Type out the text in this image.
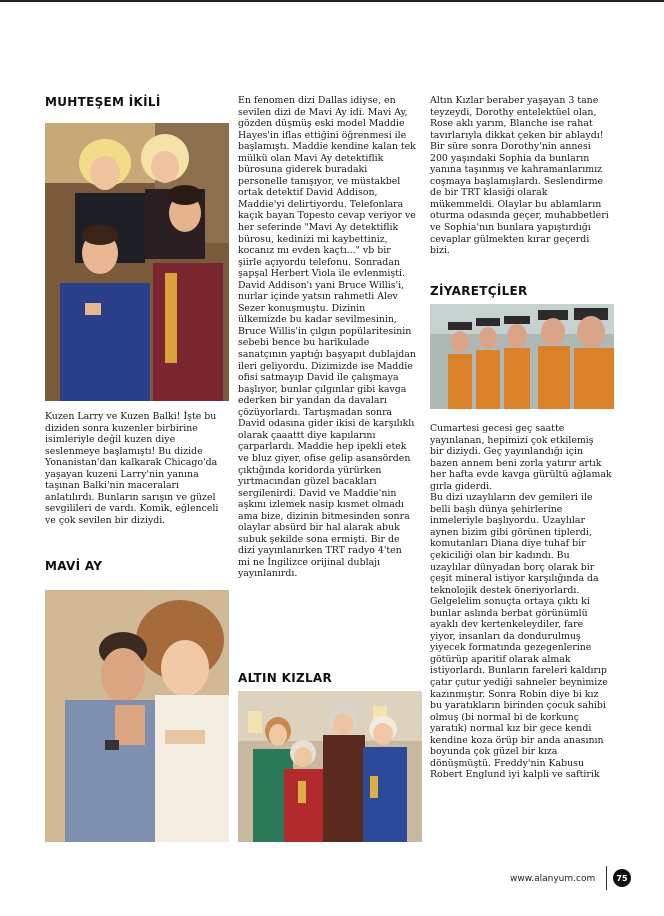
MUHTEŞEM İKİLİ

Kuzen Larry ve Kuzen Balki! İşte bu
diziden sonra kuzenler birbirine
isimleriyle değil kuzen diye
seslenmeye başlamıştı! Bu dizide
Yonanistan'dan kalkarak Chicago'da
yaşayan kuzeni Larry'nin yanına
taşınan Balki'nin maceraları
anlatılırdı. Bunların sarışın ve güzel
sevgilileri de vardı. Komik, eğlenceli
ve çok sevilen bir diziydi.

MAVİ AY

En fenomen dizi Dallas idiyse, en
sevilen dizi de Mavi Ay idi. Mavi Ay,
gözden düşmüş eski model Maddie
Hayes'in iflas ettiğini öğrenmesi ile
başlamıştı. Maddie kendine kalan tek
mülkü olan Mavi Ay detektiflik
bürosuna giderek buradaki
personelle tanışıyor, ve müstakbel
ortak detektif David Addison,
Maddie'yi delirtiyordu. Telefonlara
kaçık bayan Topesto cevap veriyor ve
her seferinde "Mavi Ay detektiflik
bürosu, kedinizi mi kaybettiniz,
kocanız mı evden kaçtı..." vb bir
şiirle açıyordu telefonu. Sonradan
şapşal Herbert Viola ile evlenmişti.
David Addison'ı yani Bruce Willis'i,
nurlar içinde yatsın rahmetli Alev
Sezer konuşmuştu. Dizinin
ülkemizde bu kadar sevilmesinin,
Bruce Willis'in çılgın popülaritesinin
sebebi bence bu harikulade
sanatçının yaptığı başyapıt dublajdan
ileri geliyordu. Dizimizde ise Maddie
ofisi satmayıp David ile çalışmaya
başlıyor, bunlar çılgınlar gibi kavga
ederken bir yandan da davaları
çözüyorlardı. Tartışmadan sonra
David odasına gider ikisi de karşılıklı
olarak çaaattt diye kapılarını
çarparlardı. Maddie hep ipekli etek
ve bluz giyer, ofise gelip asansörden
çıktığında koridorda yürürken
yırtmacından güzel bacakları
sergilenirdi. David ve Maddie'nin
aşkını izlemek nasip kısmet olmadı
ama bize, dizinin bitmesinden sonra
olaylar absürd bir hal alarak abuk
subuk şekilde sona ermişti. Bir de
dizi yayınlanırken TRT radyo 4'ten
mi ne İngilizce orijinal dublajı
yayınlanırdı.

ALTIN KIZLAR

Altın Kızlar beraber yaşayan 3 tane
teyzeydi, Dorothy entelektüel olan,
Rose aklı yarım, Blanche ise rahat
tavırlarıyla dikkat çeken bir ablaydı!
Bir süre sonra Dorothy'nin annesi
200 yaşındaki Sophia da bunların
yanına taşınmış ve kahramanlarımız
coşmaya başlamışlardı. Seslendirme
de bir TRT klasiği olarak
mükemmeldi. Olaylar bu ablamların
oturma odasında geçer, muhabbetleri
ve Sophia'nın bunlara yapıştırdığı
cevaplar gülmekten kırar geçerdi
bizi.

ZİYARETÇİLER

Cumartesi gecesi geç saatte
yayınlanan, hepimizi çok etkilemiş
bir diziydi. Geç yayınlandığı için
bazen annem beni zorla yatırır artık
her hafta evde kavga gürültü ağlamak
gırla giderdi.
Bu dizi uzaylıların dev gemileri ile
belli başlı dünya şehirlerine
inmeleriyle başlıyordu. Uzaylılar
aynen bizim gibi görünen tiplerdi,
komutanları Diana diye tuhaf bir
çekiciliği olan bir kadındı. Bu
uzaylılar dünyadan borç olarak bir
çeşit mineral istiyor karşılığında da
teknolojik destek öneriyorlardı.
Gelgelelim sonuçta ortaya çıktı ki
bunlar aslında berbat görünümlü
ayaklı dev kertenkeleydiler, fare
yiyor, insanları da dondurulmuş
yiyecek formatında gezegenlerine
götürüp aparitif olarak almak
istiyorlardı. Bunların fareleri kaldırıp
çatır çutur yediği sahneler beynimize
kazınmıştır. Sonra Robin diye bi kız
bu yaratıkların birinden çocuk sahibi
olmuş (bi normal bi de korkunç
yaratık) normal kız bir gece kendi
kendine koza örüp bir anda anasının
boyunda çok güzel bir kıza
dönüşmüştü. Freddy'nin Kabusu
Robert Englund iyi kalpli ve saftirik

www.alanyum.com	75
